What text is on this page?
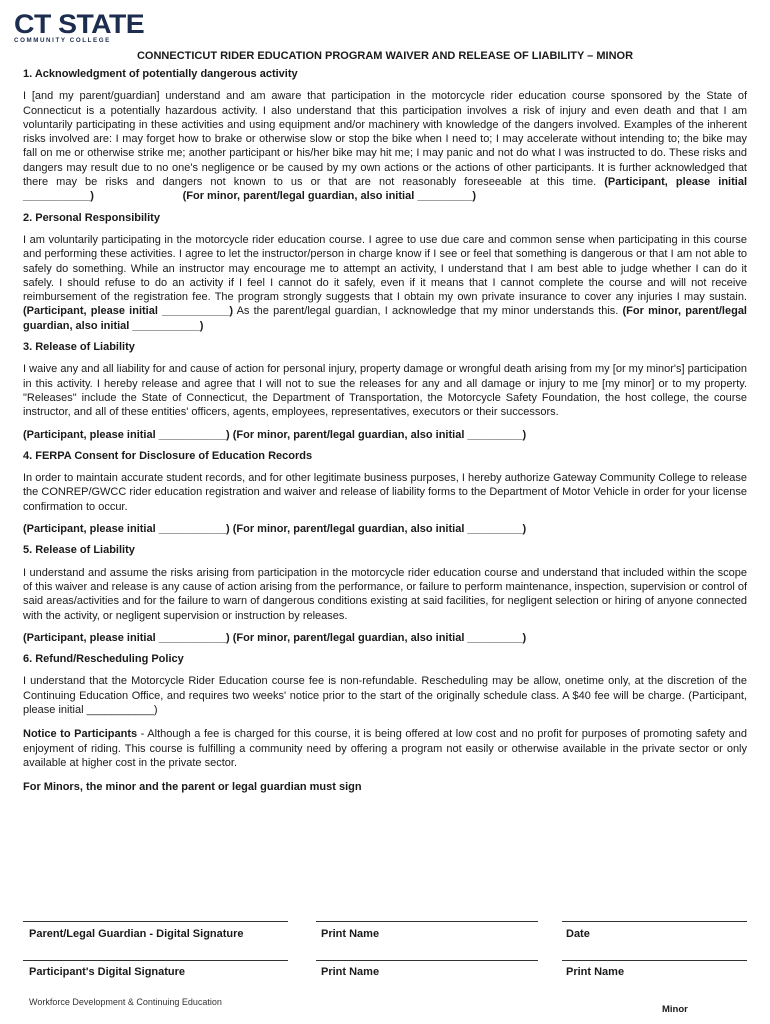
CT STATE
COMMUNITY COLLEGE
CONNECTICUT RIDER EDUCATION PROGRAM WAIVER AND RELEASE OF LIABILITY – MINOR
1. Acknowledgment of potentially dangerous activity
I [and my parent/guardian] understand and am aware that participation in the motorcycle rider education course sponsored by the State of Connecticut is a potentially hazardous activity. I also understand that this participation involves a risk of injury and even death and that I am voluntarily participating in these activities and using equipment and/or machinery with knowledge of the dangers involved. Examples of the inherent risks involved are: I may forget how to brake or otherwise slow or stop the bike when I need to; I may accelerate without intending to; the bike may fall on me or otherwise strike me; another participant or his/her bike may hit me; I may panic and not do what I was instructed to do. These risks and dangers may result due to no one's negligence or be caused by my own actions or the actions of other participants. It is further acknowledged that there may be risks and dangers not known to us or that are not reasonably foreseeable at this time. (Participant, please initial ___________)	(For minor, parent/legal guardian, also initial _________)
2. Personal Responsibility
I am voluntarily participating in the motorcycle rider education course. I agree to use due care and common sense when participating in this course and performing these activities. I agree to let the instructor/person in charge know if I see or feel that something is dangerous or that I am not able to safely do something. While an instructor may encourage me to attempt an activity, I understand that I am best able to judge whether I can do it safely. I should refuse to do an activity if I feel I cannot do it safely, even if it means that I cannot complete the course and will not receive reimbursement of the registration fee. The program strongly suggests that I obtain my own private insurance to cover any injuries I may sustain. (Participant, please initial ___________) As the parent/legal guardian, I acknowledge that my minor understands this. (For minor, parent/legal guardian, also initial ___________)
3. Release of Liability
I waive any and all liability for and cause of action for personal injury, property damage or wrongful death arising from my [or my minor's] participation in this activity. I hereby release and agree that I will not to sue the releases for any and all damage or injury to me [my minor] or to my property. "Releases" include the State of Connecticut, the Department of Transportation, the Motorcycle Safety Foundation, the host college, the course instructor, and all of these entities' officers, agents, employees, representatives, executors or their successors.
(Participant, please initial ___________) (For minor, parent/legal guardian, also initial _________)
4. FERPA Consent for Disclosure of Education Records
In order to maintain accurate student records, and for other legitimate business purposes, I hereby authorize Gateway Community College to release the CONREP/GWCC rider education registration and waiver and release of liability forms to the Department of Motor Vehicle in order for your license confirmation to occur.
(Participant, please initial ___________) (For minor, parent/legal guardian, also initial _________)
5. Release of Liability
I understand and assume the risks arising from participation in the motorcycle rider education course and understand that included within the scope of this waiver and release is any cause of action arising from the performance, or failure to perform maintenance, inspection, supervision or control of said areas/activities and for the failure to warn of dangerous conditions existing at said facilities, for negligent selection or hiring of anyone connected with the activity, or negligent supervision or instruction by releases.
(Participant, please initial ___________) (For minor, parent/legal guardian, also initial _________)
6. Refund/Rescheduling Policy
I understand that the Motorcycle Rider Education course fee is non-refundable. Rescheduling may be allow, onetime only, at the discretion of the Continuing Education Office, and requires two weeks' notice prior to the start of the originally schedule class. A $40 fee will be charge. (Participant, please initial ___________)
Notice to Participants - Although a fee is charged for this course, it is being offered at low cost and no profit for purposes of promoting safety and enjoyment of riding. This course is fulfilling a community need by offering a program not easily or otherwise available in the private sector or only available at higher cost in the private sector.
For Minors, the minor and the parent or legal guardian must sign
Parent/Legal Guardian - Digital Signature	Print Name	Date
Participant's Digital Signature	Print Name	Print Name
Workforce Development & Continuing Education
Minor
